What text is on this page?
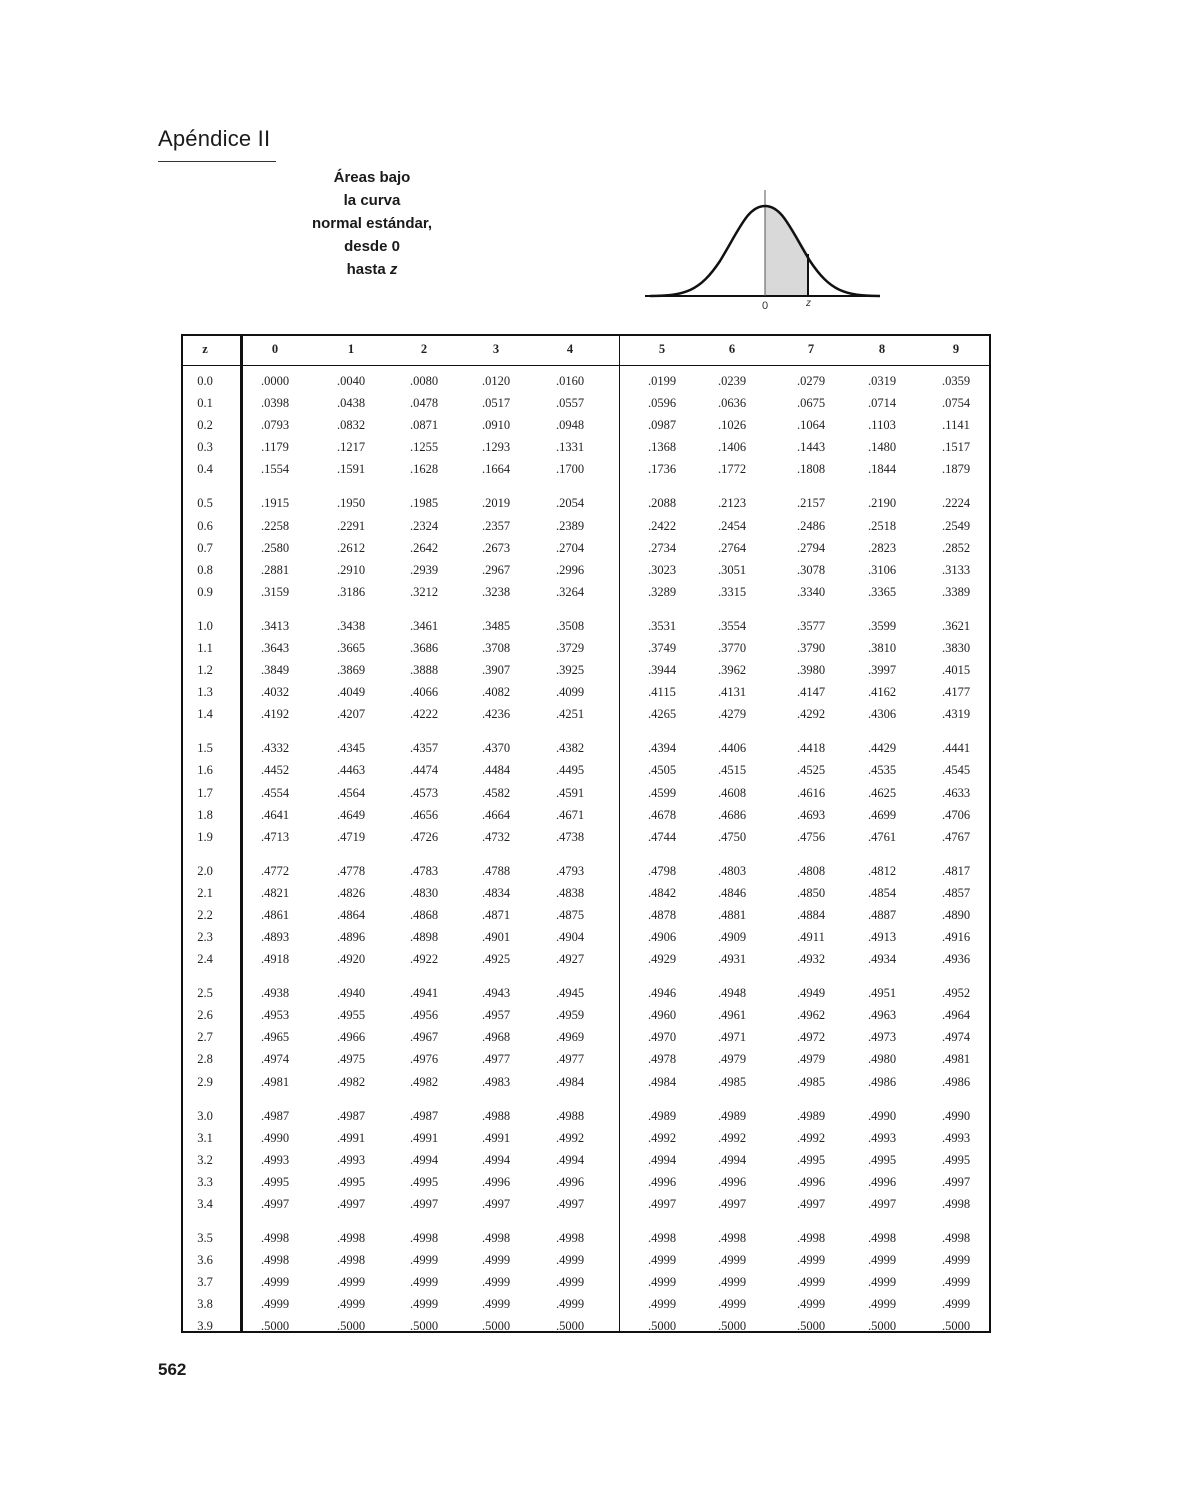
Apéndice II
Áreas bajo
la curva
normal estándar,
desde 0
hasta z
0	z
z	0	1	2	3	4	5	6	7	8	9
0.0	.0000	.0040	.0080	.0120	.0160	.0199	.0239	.0279	.0319	.0359
0.1	.0398	.0438	.0478	.0517	.0557	.0596	.0636	.0675	.0714	.0754
0.2	.0793	.0832	.0871	.0910	.0948	.0987	.1026	.1064	.1103	.1141
0.3	.1179	.1217	.1255	.1293	.1331	.1368	.1406	.1443	.1480	.1517
0.4	.1554	.1591	.1628	.1664	.1700	.1736	.1772	.1808	.1844	.1879
0.5	.1915	.1950	.1985	.2019	.2054	.2088	.2123	.2157	.2190	.2224
0.6	.2258	.2291	.2324	.2357	.2389	.2422	.2454	.2486	.2518	.2549
0.7	.2580	.2612	.2642	.2673	.2704	.2734	.2764	.2794	.2823	.2852
0.8	.2881	.2910	.2939	.2967	.2996	.3023	.3051	.3078	.3106	.3133
0.9	.3159	.3186	.3212	.3238	.3264	.3289	.3315	.3340	.3365	.3389
1.0	.3413	.3438	.3461	.3485	.3508	.3531	.3554	.3577	.3599	.3621
1.1	.3643	.3665	.3686	.3708	.3729	.3749	.3770	.3790	.3810	.3830
1.2	.3849	.3869	.3888	.3907	.3925	.3944	.3962	.3980	.3997	.4015
1.3	.4032	.4049	.4066	.4082	.4099	.4115	.4131	.4147	.4162	.4177
1.4	.4192	.4207	.4222	.4236	.4251	.4265	.4279	.4292	.4306	.4319
1.5	.4332	.4345	.4357	.4370	.4382	.4394	.4406	.4418	.4429	.4441
1.6	.4452	.4463	.4474	.4484	.4495	.4505	.4515	.4525	.4535	.4545
1.7	.4554	.4564	.4573	.4582	.4591	.4599	.4608	.4616	.4625	.4633
1.8	.4641	.4649	.4656	.4664	.4671	.4678	.4686	.4693	.4699	.4706
1.9	.4713	.4719	.4726	.4732	.4738	.4744	.4750	.4756	.4761	.4767
2.0	.4772	.4778	.4783	.4788	.4793	.4798	.4803	.4808	.4812	.4817
2.1	.4821	.4826	.4830	.4834	.4838	.4842	.4846	.4850	.4854	.4857
2.2	.4861	.4864	.4868	.4871	.4875	.4878	.4881	.4884	.4887	.4890
2.3	.4893	.4896	.4898	.4901	.4904	.4906	.4909	.4911	.4913	.4916
2.4	.4918	.4920	.4922	.4925	.4927	.4929	.4931	.4932	.4934	.4936
2.5	.4938	.4940	.4941	.4943	.4945	.4946	.4948	.4949	.4951	.4952
2.6	.4953	.4955	.4956	.4957	.4959	.4960	.4961	.4962	.4963	.4964
2.7	.4965	.4966	.4967	.4968	.4969	.4970	.4971	.4972	.4973	.4974
2.8	.4974	.4975	.4976	.4977	.4977	.4978	.4979	.4979	.4980	.4981
2.9	.4981	.4982	.4982	.4983	.4984	.4984	.4985	.4985	.4986	.4986
3.0	.4987	.4987	.4987	.4988	.4988	.4989	.4989	.4989	.4990	.4990
3.1	.4990	.4991	.4991	.4991	.4992	.4992	.4992	.4992	.4993	.4993
3.2	.4993	.4993	.4994	.4994	.4994	.4994	.4994	.4995	.4995	.4995
3.3	.4995	.4995	.4995	.4996	.4996	.4996	.4996	.4996	.4996	.4997
3.4	.4997	.4997	.4997	.4997	.4997	.4997	.4997	.4997	.4997	.4998
3.5	.4998	.4998	.4998	.4998	.4998	.4998	.4998	.4998	.4998	.4998
3.6	.4998	.4998	.4999	.4999	.4999	.4999	.4999	.4999	.4999	.4999
3.7	.4999	.4999	.4999	.4999	.4999	.4999	.4999	.4999	.4999	.4999
3.8	.4999	.4999	.4999	.4999	.4999	.4999	.4999	.4999	.4999	.4999
3.9	.5000	.5000	.5000	.5000	.5000	.5000	.5000	.5000	.5000	.5000
562
